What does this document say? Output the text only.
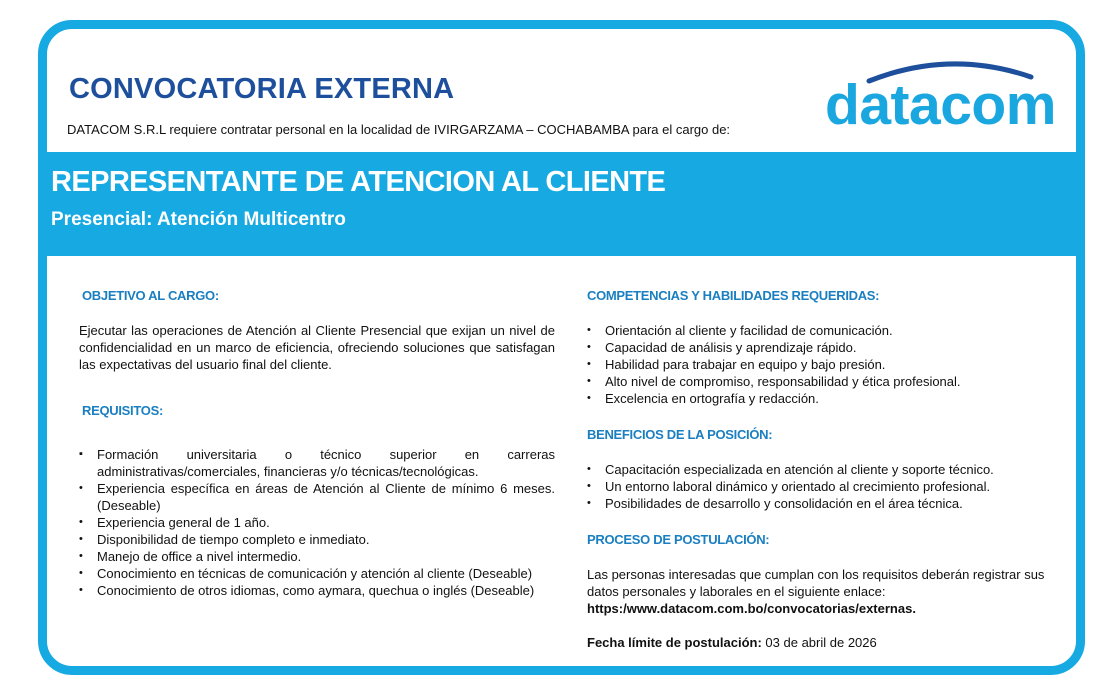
CONVOCATORIA EXTERNA
DATACOM S.R.L requiere contratar personal en la localidad de IVIRGARZAMA – COCHABAMBA para el cargo de: datacom
REPRESENTANTE DE ATENCION AL CLIENTE
Presencial: Atención Multicentro
OBJETIVO AL CARGO:
Ejecutar las operaciones de Atención al Cliente Presencial que exijan un nivel de confidencialidad en un marco de eficiencia, ofreciendo soluciones que satisfagan las expectativas del usuario final del cliente.
REQUISITOS:
▪	Formación universitaria o técnico superior en carreras administrativas/comerciales, financieras y/o técnicas/tecnológicas.
•	Experiencia específica en áreas de Atención al Cliente de mínimo 6 meses. (Deseable)
•	Experiencia general de 1 año.
•	Disponibilidad de tiempo completo e inmediato.
•	Manejo de office a nivel intermedio.
•	Conocimiento en técnicas de comunicación y atención al cliente (Deseable)
•	Conocimiento de otros idiomas, como aymara, quechua o inglés (Deseable)
COMPETENCIAS Y HABILIDADES REQUERIDAS:
•	Orientación al cliente y facilidad de comunicación.
•	Capacidad de análisis y aprendizaje rápido.
•	Habilidad para trabajar en equipo y bajo presión.
•	Alto nivel de compromiso, responsabilidad y ética profesional.
•	Excelencia en ortografía y redacción.
BENEFICIOS DE LA POSICIÓN:
•	Capacitación especializada en atención al cliente y soporte técnico.
•	Un entorno laboral dinámico y orientado al crecimiento profesional.
•	Posibilidades de desarrollo y consolidación en el área técnica.
PROCESO DE POSTULACIÓN:
Las personas interesadas que cumplan con los requisitos deberán registrar sus datos personales y laborales en el siguiente enlace:
https:/www.datacom.com.bo/convocatorias/externas.
Fecha límite de postulación: 03 de abril de 2026
